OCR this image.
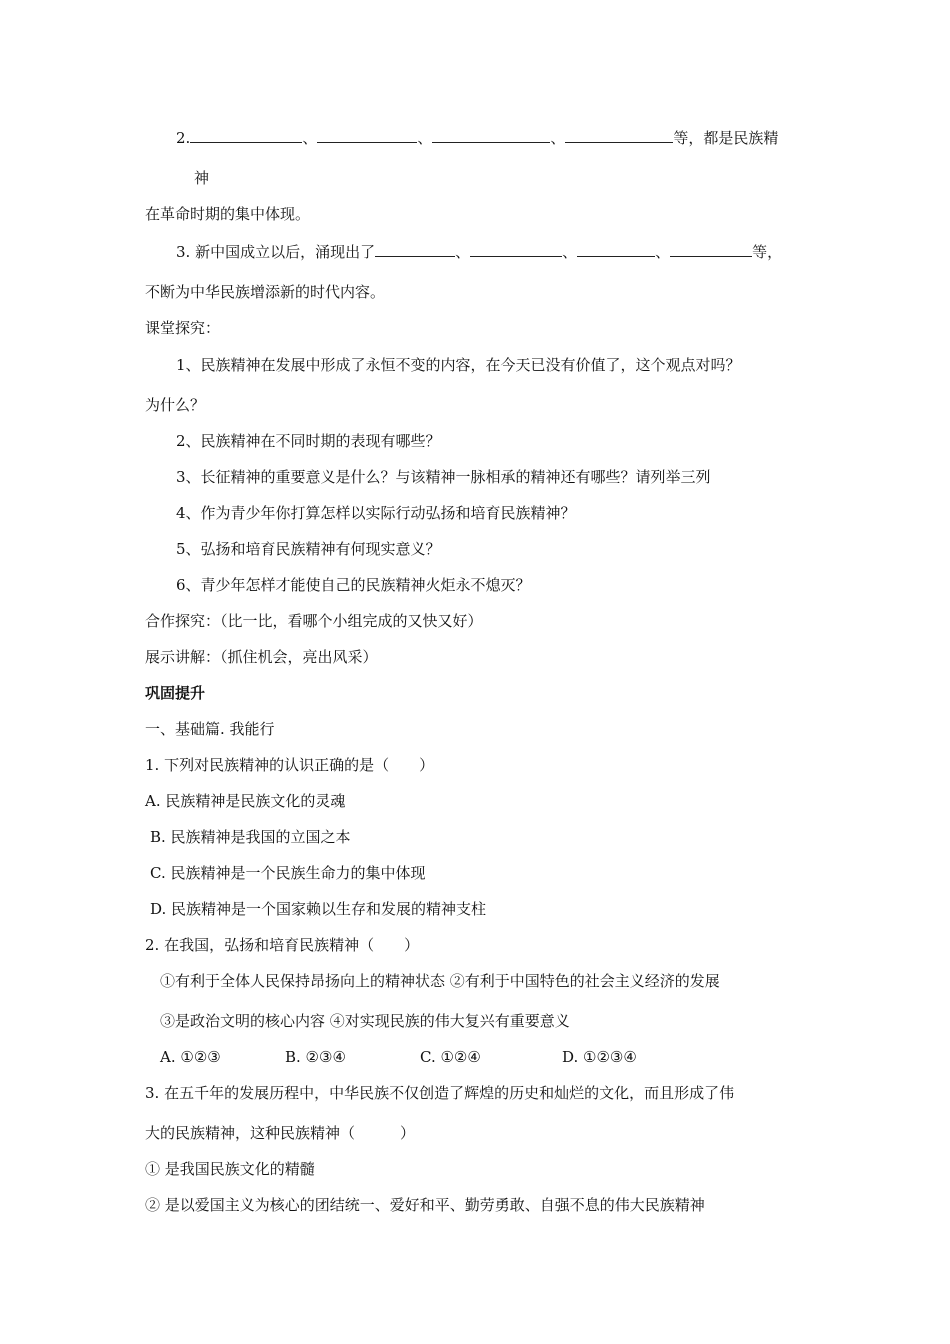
2.	、	、	、	等，都是民族精
神
在革命时期的集中体现。
3. 新中国成立以后，涌现出了	、	、	、	等，
不断为中华民族增添新的时代内容。
课堂探究：
1、民族精神在发展中形成了永恒不变的内容，在今天已没有价值了，这个观点对吗？
为什么？
2、民族精神在不同时期的表现有哪些？
3、长征精神的重要意义是什么？与该精神一脉相承的精神还有哪些？请列举三列
4、作为青少年你打算怎样以实际行动弘扬和培育民族精神？
5、弘扬和培育民族精神有何现实意义？
6、青少年怎样才能使自己的民族精神火炬永不熄灭？
合作探究：（比一比，看哪个小组完成的又快又好）
展示讲解：（抓住机会，亮出风采）
巩固提升
一、基础篇. 我能行
1. 下列对民族精神的认识正确的是（　　）
A. 民族精神是民族文化的灵魂
B. 民族精神是我国的立国之本
C. 民族精神是一个民族生命力的集中体现
D. 民族精神是一个国家赖以生存和发展的精神支柱
2. 在我国，弘扬和培育民族精神（　　）
①有利于全体人民保持昂扬向上的精神状态 ②有利于中国特色的社会主义经济的发展
③是政治文明的核心内容 ④对实现民族的伟大复兴有重要意义
A. ①②③	B. ②③④	C. ①②④	D. ①②③④
3. 在五千年的发展历程中，中华民族不仅创造了辉煌的历史和灿烂的文化，而且形成了伟
大的民族精神，这种民族精神（　　　）
① 是我国民族文化的精髓
② 是以爱国主义为核心的团结统一、爱好和平、勤劳勇敢、自强不息的伟大民族精神
